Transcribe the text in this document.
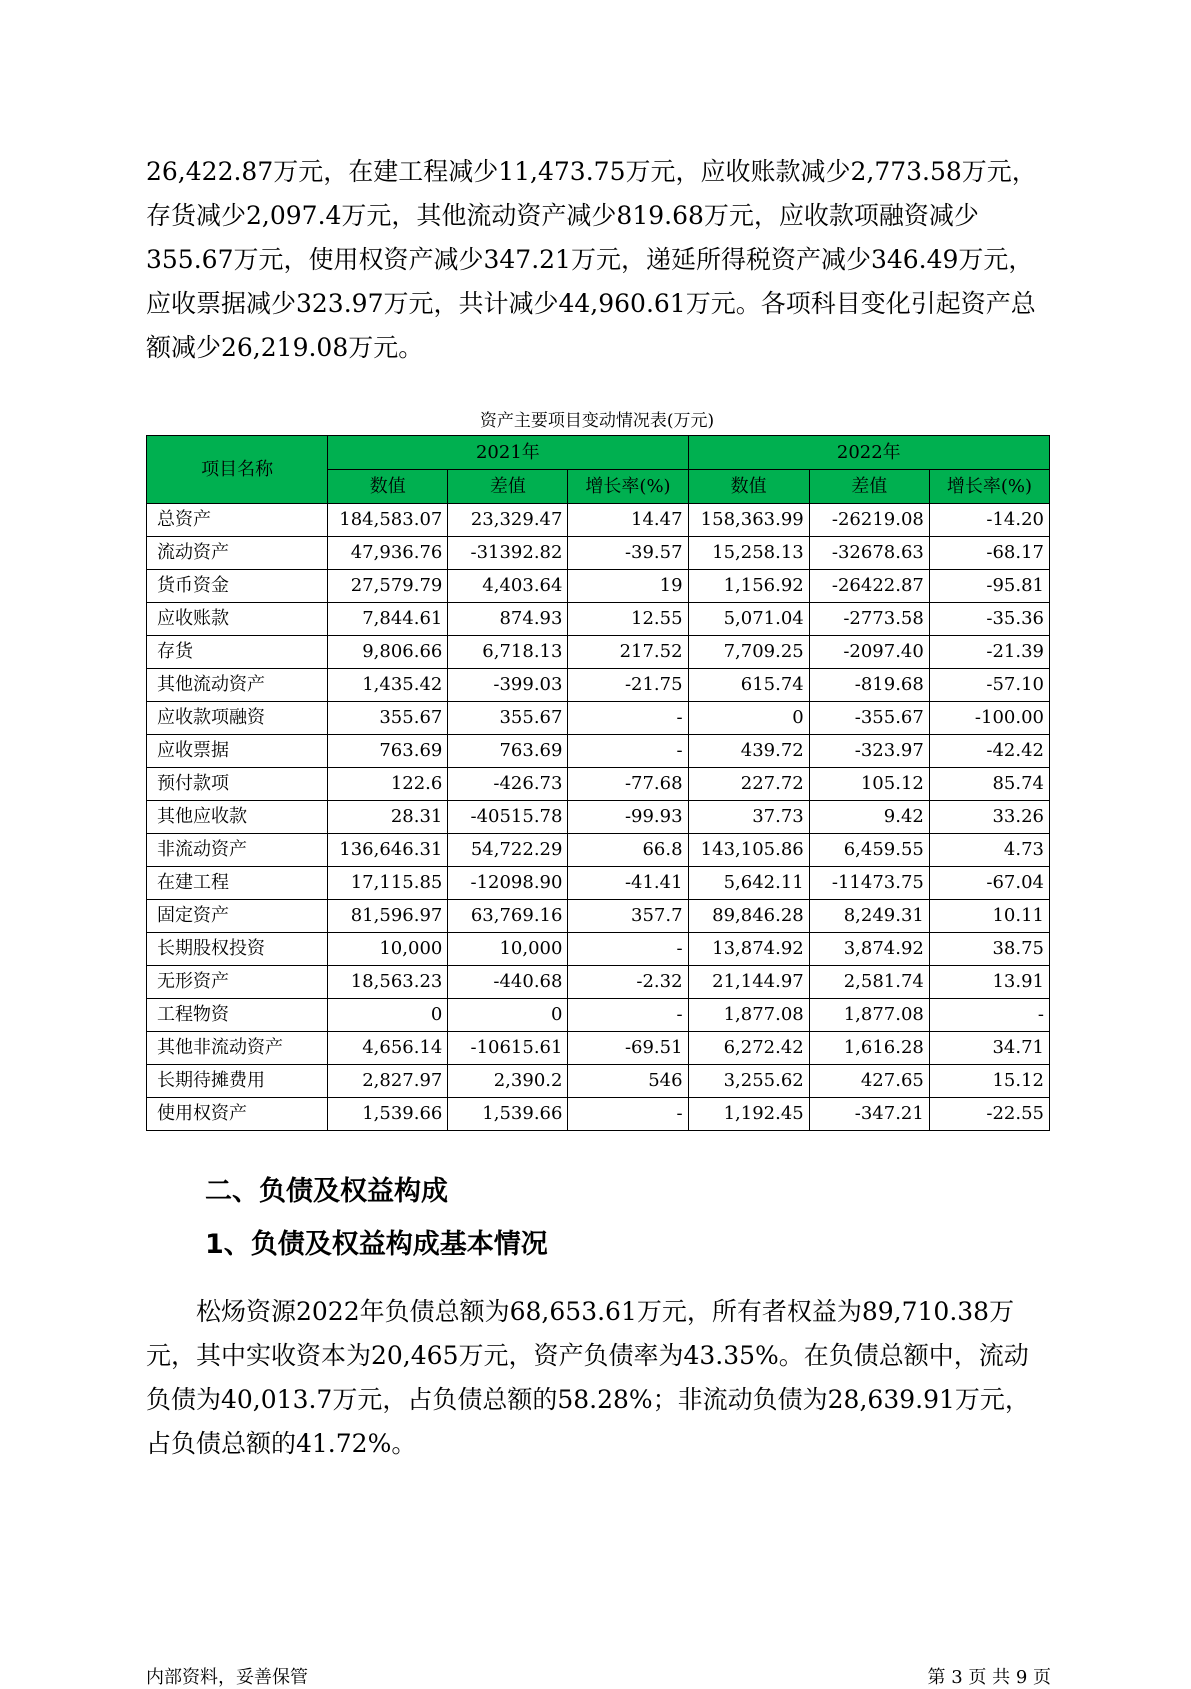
26,422.87万元，在建工程减少11,473.75万元，应收账款减少2,773.58万元，存货减少2,097.4万元，其他流动资产减少819.68万元，应收款项融资减少355.67万元，使用权资产减少347.21万元，递延所得税资产减少346.49万元，应收票据减少323.97万元，共计减少44,960.61万元。各项科目变化引起资产总额减少26,219.08万元。

资产主要项目变动情况表(万元)
项目名称	2021年			2022年		
	数值	差值	增长率(%)	数值	差值	增长率(%)
总资产	184,583.07	23,329.47	14.47	158,363.99	-26219.08	-14.20
流动资产	47,936.76	-31392.82	-39.57	15,258.13	-32678.63	-68.17
货币资金	27,579.79	4,403.64	19	1,156.92	-26422.87	-95.81
应收账款	7,844.61	874.93	12.55	5,071.04	-2773.58	-35.36
存货	9,806.66	6,718.13	217.52	7,709.25	-2097.40	-21.39
其他流动资产	1,435.42	-399.03	-21.75	615.74	-819.68	-57.10
应收款项融资	355.67	355.67	-	0	-355.67	-100.00
应收票据	763.69	763.69	-	439.72	-323.97	-42.42
预付款项	122.6	-426.73	-77.68	227.72	105.12	85.74
其他应收款	28.31	-40515.78	-99.93	37.73	9.42	33.26
非流动资产	136,646.31	54,722.29	66.8	143,105.86	6,459.55	4.73
在建工程	17,115.85	-12098.90	-41.41	5,642.11	-11473.75	-67.04
固定资产	81,596.97	63,769.16	357.7	89,846.28	8,249.31	10.11
长期股权投资	10,000	10,000	-	13,874.92	3,874.92	38.75
无形资产	18,563.23	-440.68	-2.32	21,144.97	2,581.74	13.91
工程物资	0	0	-	1,877.08	1,877.08	-
其他非流动资产	4,656.14	-10615.61	-69.51	6,272.42	1,616.28	34.71
长期待摊费用	2,827.97	2,390.2	546	3,255.62	427.65	15.12
使用权资产	1,539.66	1,539.66	-	1,192.45	-347.21	-22.55
二、负债及权益构成
1、负债及权益构成基本情况

松炀资源2022年负债总额为68,653.61万元，所有者权益为89,710.38万元，其中实收资本为20,465万元，资产负债率为43.35%。在负债总额中，流动负债为40,013.7万元，占负债总额的58.28%；非流动负债为28,639.91万元，占负债总额的41.72%。

内部资料，妥善保管	第 3 页 共 9 页
